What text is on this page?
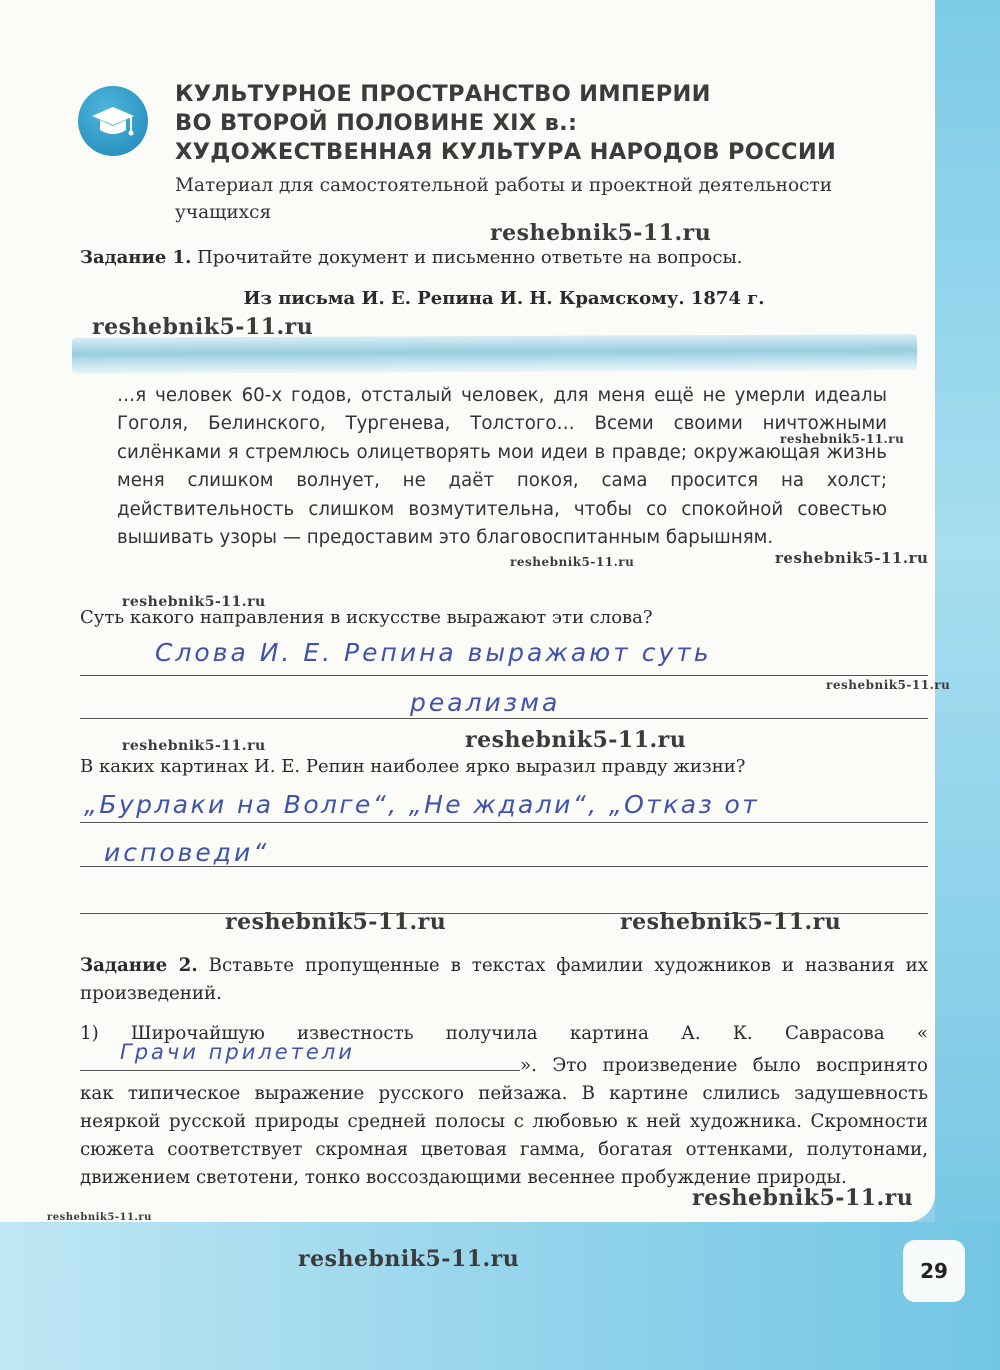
КУЛЬТУРНОЕ ПРОСТРАНСТВО ИМПЕРИИ
ВО ВТОРОЙ ПОЛОВИНЕ XIX в.:
ХУДОЖЕСТВЕННАЯ КУЛЬТУРА НАРОДОВ РОССИИ
Материал для самостоятельной работы и проектной деятельности учащихся
Задание 1. Прочитайте документ и письменно ответьте на вопросы.
Из письма И. Е. Репина И. Н. Крамскому. 1874 г.
…я человек 60-х годов, отсталый человек, для меня ещё не умерли идеалы Гоголя, Белинского, Тургенева, Толстого… Всеми своими ничтожными силёнками я стремлюсь олицетворять мои идеи в правде; окружающая жизнь меня слишком волнует, не даёт покоя, сама просится на холст; действительность слишком возмутительна, чтобы со спокойной совестью вышивать узоры — предоставим это благовоспитанным барышням.
Суть какого направления в искусстве выражают эти слова?
Слова И. Е. Репина выражают суть
реализма
В каких картинах И. Е. Репин наиболее ярко выразил правду жизни?
„Бурлаки на Волге“, „Не ждали“, „Отказ от
исповеди“
Задание 2. Вставьте пропущенные в текстах фамилии художников и названия их произведений.
1) Широчайшую известность получила картина А. К. Саврасова «
Грачи прилетели
». Это произведение было воспринято как типическое выражение русского пейзажа. В картине слились задушевность неяркой русской природы средней полосы с любовью к ней художника. Скромности сюжета соответствует скромная цветовая гамма, богатая оттенками, полутонами, движением светотени, тонко воссоздающими весеннее пробуждение природы.
reshebnik5-11.ru
reshebnik5-11.ru
reshebnik5-11.ru
reshebnik5-11.ru	reshebnik5-11.ru
reshebnik5-11.ru
reshebnik5-11.ru
reshebnik5-11.ru	reshebnik5-11.ru
reshebnik5-11.ru	reshebnik5-11.ru
reshebnik5-11.ru
reshebnik5-11.ru
reshebnik5-11.ru	29
